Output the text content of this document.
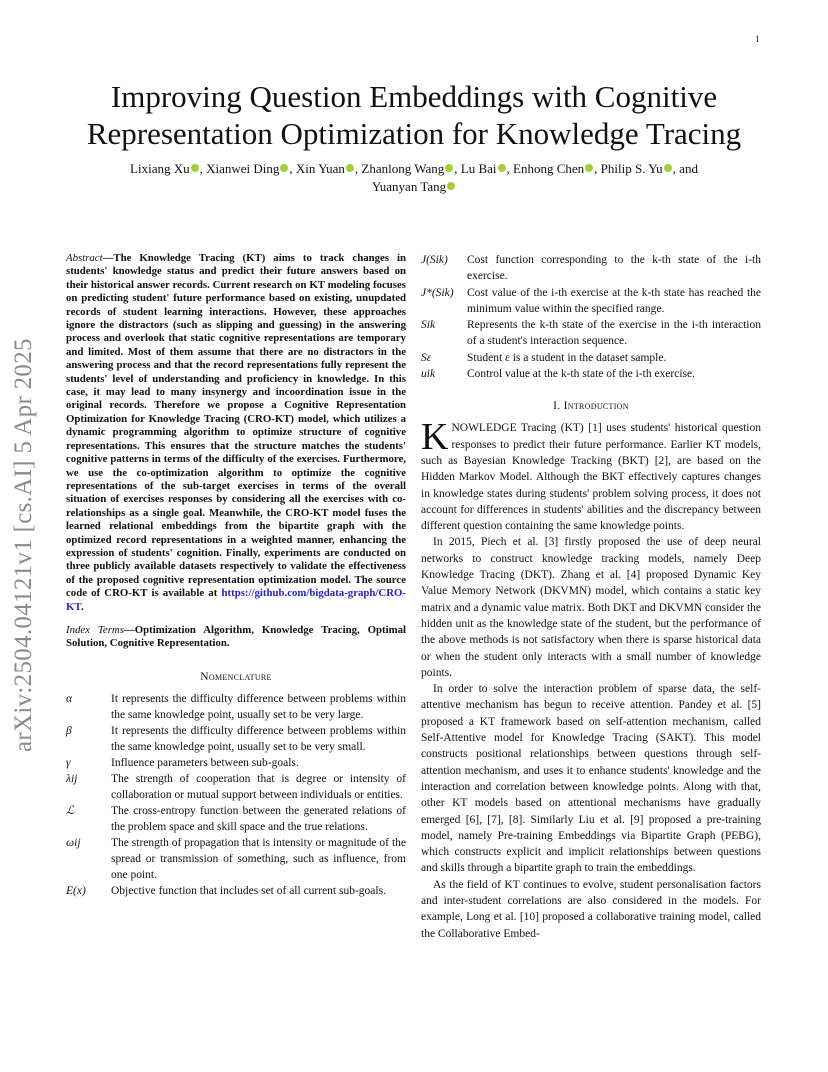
1
arXiv:2504.04121v1 [cs.AI] 5 Apr 2025
Improving Question Embeddings with Cognitive
Representation Optimization for Knowledge Tracing
Lixiang Xu , Xianwei Ding , Xin Yuan , Zhanlong Wang , Lu Bai , Enhong Chen , Philip S. Yu , and
Yuanyan Tang
Abstract—The Knowledge Tracing (KT) aims to track changes in students' knowledge status and predict their future answers based on their historical answer records. Current research on KT modeling focuses on predicting student' future performance based on existing, unupdated records of student learning interactions. However, these approaches ignore the distractors (such as slipping and guessing) in the answering process and overlook that static cognitive representations are temporary and limited. Most of them assume that there are no distractors in the answering process and that the record representations fully represent the students' level of understanding and proficiency in knowledge. In this case, it may lead to many insynergy and incoordination issue in the original records. Therefore we propose a Cognitive Representation Optimization for Knowledge Tracing (CRO-KT) model, which utilizes a dynamic programming algorithm to optimize structure of cognitive representations. This ensures that the structure matches the students' cognitive patterns in terms of the difficulty of the exercises. Furthermore, we use the co-optimization algorithm to optimize the cognitive representations of the sub-target exercises in terms of the overall situation of exercises responses by considering all the exercises with co-relationships as a single goal. Meanwhile, the CRO-KT model fuses the learned relational embeddings from the bipartite graph with the optimized record representations in a weighted manner, enhancing the expression of students' cognition. Finally, experiments are conducted on three publicly available datasets respectively to validate the effectiveness of the proposed cognitive representation optimization model. The source code of CRO-KT is available at https://github.com/bigdata-graph/CRO-KT.
Index Terms—Optimization Algorithm, Knowledge Tracing, Optimal Solution, Cognitive Representation.
Nomenclature
α	It represents the difficulty difference between problems within the same knowledge point, usually set to be very large.
β	It represents the difficulty difference between problems within the same knowledge point, usually set to be very small.
γ	Influence parameters between sub-goals.
λij	The strength of cooperation that is degree or intensity of collaboration or mutual support between individuals or entities.
ℒ	The cross-entropy function between the generated relations of the problem space and skill space and the true relations.
ωij	The strength of propagation that is intensity or magnitude of the spread or transmission of something, such as influence, from one point.
E(x)	Objective function that includes set of all current sub-goals.
J(Sik)	Cost function corresponding to the k-th state of the i-th exercise.
J*(Sik)	Cost value of the i-th exercise at the k-th state has reached the minimum value within the specified range.
Sik	Represents the k-th state of the exercise in the i-th interaction of a student's interaction sequence.
Sε	Student ε is a student in the dataset sample.
uik	Control value at the k-th state of the i-th exercise.
I. Introduction

KNOWLEDGE Tracing (KT) [1] uses students' historical question responses to predict their future performance. Earlier KT models, such as Bayesian Knowledge Tracking (BKT) [2], are based on the Hidden Markov Model. Although the BKT effectively captures changes in knowledge states during students' problem solving process, it does not account for differences in students' abilities and the discrepancy between different question containing the same knowledge points.

In 2015, Piech et al. [3] firstly proposed the use of deep neural networks to construct knowledge tracking models, namely Deep Knowledge Tracing (DKT). Zhang et al. [4] proposed Dynamic Key Value Memory Network (DKVMN) model, which contains a static key matrix and a dynamic value matrix. Both DKT and DKVMN consider the hidden unit as the knowledge state of the student, but the performance of the above methods is not satisfactory when there is sparse historical data or when the student only interacts with a small number of knowledge points.

In order to solve the interaction problem of sparse data, the self-attentive mechanism has begun to receive attention. Pandey et al. [5] proposed a KT framework based on self-attention mechanism, called Self-Attentive model for Knowledge Tracing (SAKT). This model constructs positional relationships between questions through self-attention mechanism, and uses it to enhance students' knowledge and the interaction and correlation between knowledge points. Along with that, other KT models based on attentional mechanisms have gradually emerged [6], [7], [8]. Similarly Liu et al. [9] proposed a pre-training model, namely Pre-training Embeddings via Bipartite Graph (PEBG), which constructs explicit and implicit relationships between questions and skills through a bipartite graph to train the embeddings.

As the field of KT continues to evolve, student personalisation factors and inter-student correlations are also considered in the models. For example, Long et al. [10] proposed a collaborative training model, called the Collaborative Embed-
